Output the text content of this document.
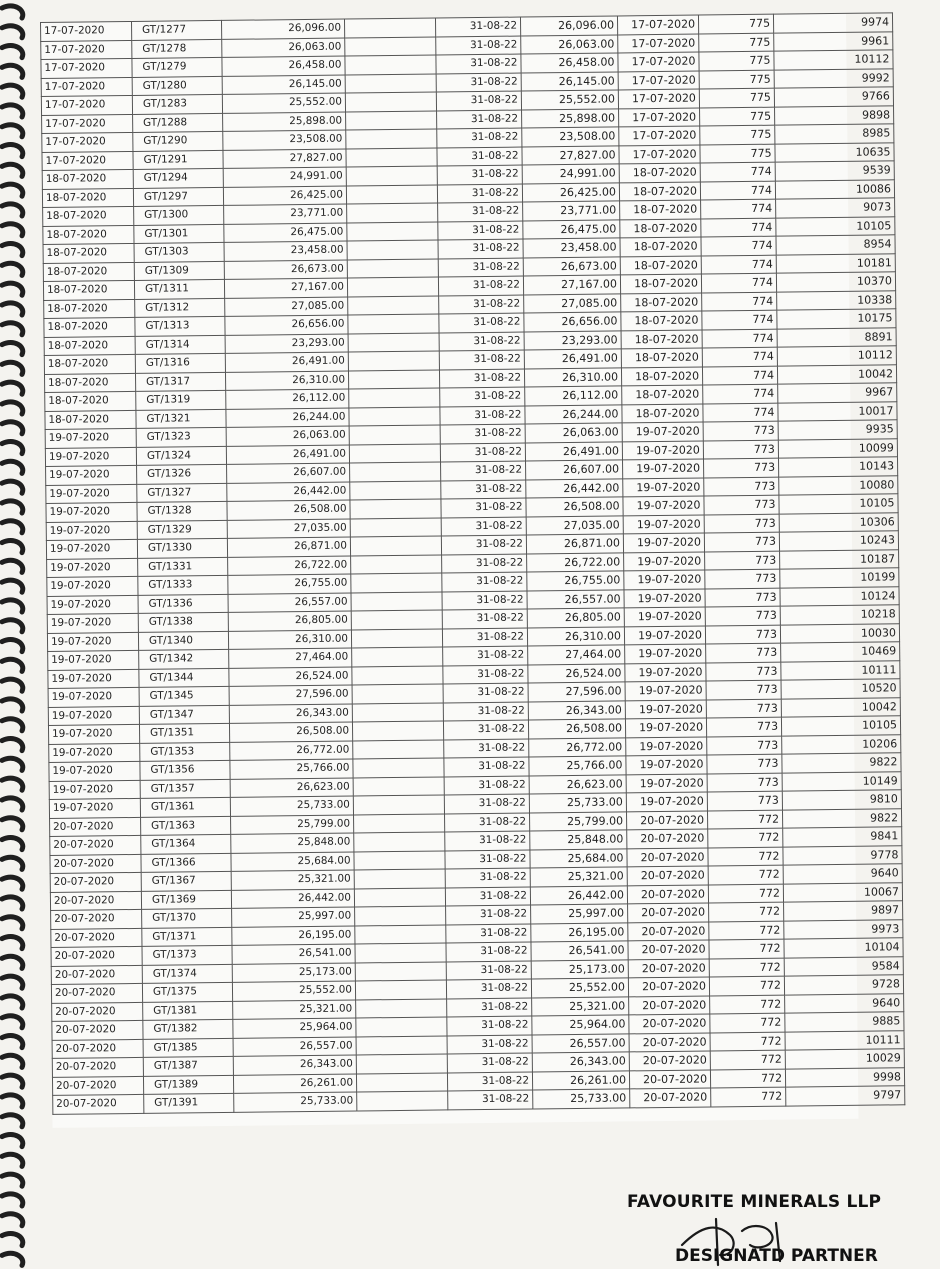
17-07-2020	GT/1277	26,096.00		31-08-22	26,096.00	17-07-2020	775	9974
17-07-2020	GT/1278	26,063.00		31-08-22	26,063.00	17-07-2020	775	9961
17-07-2020	GT/1279	26,458.00		31-08-22	26,458.00	17-07-2020	775	10112
17-07-2020	GT/1280	26,145.00		31-08-22	26,145.00	17-07-2020	775	9992
17-07-2020	GT/1283	25,552.00		31-08-22	25,552.00	17-07-2020	775	9766
17-07-2020	GT/1288	25,898.00		31-08-22	25,898.00	17-07-2020	775	9898
17-07-2020	GT/1290	23,508.00		31-08-22	23,508.00	17-07-2020	775	8985
17-07-2020	GT/1291	27,827.00		31-08-22	27,827.00	17-07-2020	775	10635
18-07-2020	GT/1294	24,991.00		31-08-22	24,991.00	18-07-2020	774	9539
18-07-2020	GT/1297	26,425.00		31-08-22	26,425.00	18-07-2020	774	10086
18-07-2020	GT/1300	23,771.00		31-08-22	23,771.00	18-07-2020	774	9073
18-07-2020	GT/1301	26,475.00		31-08-22	26,475.00	18-07-2020	774	10105
18-07-2020	GT/1303	23,458.00		31-08-22	23,458.00	18-07-2020	774	8954
18-07-2020	GT/1309	26,673.00		31-08-22	26,673.00	18-07-2020	774	10181
18-07-2020	GT/1311	27,167.00		31-08-22	27,167.00	18-07-2020	774	10370
18-07-2020	GT/1312	27,085.00		31-08-22	27,085.00	18-07-2020	774	10338
18-07-2020	GT/1313	26,656.00		31-08-22	26,656.00	18-07-2020	774	10175
18-07-2020	GT/1314	23,293.00		31-08-22	23,293.00	18-07-2020	774	8891
18-07-2020	GT/1316	26,491.00		31-08-22	26,491.00	18-07-2020	774	10112
18-07-2020	GT/1317	26,310.00		31-08-22	26,310.00	18-07-2020	774	10042
18-07-2020	GT/1319	26,112.00		31-08-22	26,112.00	18-07-2020	774	9967
18-07-2020	GT/1321	26,244.00		31-08-22	26,244.00	18-07-2020	774	10017
19-07-2020	GT/1323	26,063.00		31-08-22	26,063.00	19-07-2020	773	9935
19-07-2020	GT/1324	26,491.00		31-08-22	26,491.00	19-07-2020	773	10099
19-07-2020	GT/1326	26,607.00		31-08-22	26,607.00	19-07-2020	773	10143
19-07-2020	GT/1327	26,442.00		31-08-22	26,442.00	19-07-2020	773	10080
19-07-2020	GT/1328	26,508.00		31-08-22	26,508.00	19-07-2020	773	10105
19-07-2020	GT/1329	27,035.00		31-08-22	27,035.00	19-07-2020	773	10306
19-07-2020	GT/1330	26,871.00		31-08-22	26,871.00	19-07-2020	773	10243
19-07-2020	GT/1331	26,722.00		31-08-22	26,722.00	19-07-2020	773	10187
19-07-2020	GT/1333	26,755.00		31-08-22	26,755.00	19-07-2020	773	10199
19-07-2020	GT/1336	26,557.00		31-08-22	26,557.00	19-07-2020	773	10124
19-07-2020	GT/1338	26,805.00		31-08-22	26,805.00	19-07-2020	773	10218
19-07-2020	GT/1340	26,310.00		31-08-22	26,310.00	19-07-2020	773	10030
19-07-2020	GT/1342	27,464.00		31-08-22	27,464.00	19-07-2020	773	10469
19-07-2020	GT/1344	26,524.00		31-08-22	26,524.00	19-07-2020	773	10111
19-07-2020	GT/1345	27,596.00		31-08-22	27,596.00	19-07-2020	773	10520
19-07-2020	GT/1347	26,343.00		31-08-22	26,343.00	19-07-2020	773	10042
19-07-2020	GT/1351	26,508.00		31-08-22	26,508.00	19-07-2020	773	10105
19-07-2020	GT/1353	26,772.00		31-08-22	26,772.00	19-07-2020	773	10206
19-07-2020	GT/1356	25,766.00		31-08-22	25,766.00	19-07-2020	773	9822
19-07-2020	GT/1357	26,623.00		31-08-22	26,623.00	19-07-2020	773	10149
19-07-2020	GT/1361	25,733.00		31-08-22	25,733.00	19-07-2020	773	9810
20-07-2020	GT/1363	25,799.00		31-08-22	25,799.00	20-07-2020	772	9822
20-07-2020	GT/1364	25,848.00		31-08-22	25,848.00	20-07-2020	772	9841
20-07-2020	GT/1366	25,684.00		31-08-22	25,684.00	20-07-2020	772	9778
20-07-2020	GT/1367	25,321.00		31-08-22	25,321.00	20-07-2020	772	9640
20-07-2020	GT/1369	26,442.00		31-08-22	26,442.00	20-07-2020	772	10067
20-07-2020	GT/1370	25,997.00		31-08-22	25,997.00	20-07-2020	772	9897
20-07-2020	GT/1371	26,195.00		31-08-22	26,195.00	20-07-2020	772	9973
20-07-2020	GT/1373	26,541.00		31-08-22	26,541.00	20-07-2020	772	10104
20-07-2020	GT/1374	25,173.00		31-08-22	25,173.00	20-07-2020	772	9584
20-07-2020	GT/1375	25,552.00		31-08-22	25,552.00	20-07-2020	772	9728
20-07-2020	GT/1381	25,321.00		31-08-22	25,321.00	20-07-2020	772	9640
20-07-2020	GT/1382	25,964.00		31-08-22	25,964.00	20-07-2020	772	9885
20-07-2020	GT/1385	26,557.00		31-08-22	26,557.00	20-07-2020	772	10111
20-07-2020	GT/1387	26,343.00		31-08-22	26,343.00	20-07-2020	772	10029
20-07-2020	GT/1389	26,261.00		31-08-22	26,261.00	20-07-2020	772	9998
20-07-2020	GT/1391	25,733.00		31-08-22	25,733.00	20-07-2020	772	9797
FAVOURITE MINERALS LLP
DESIGNATD PARTNER
